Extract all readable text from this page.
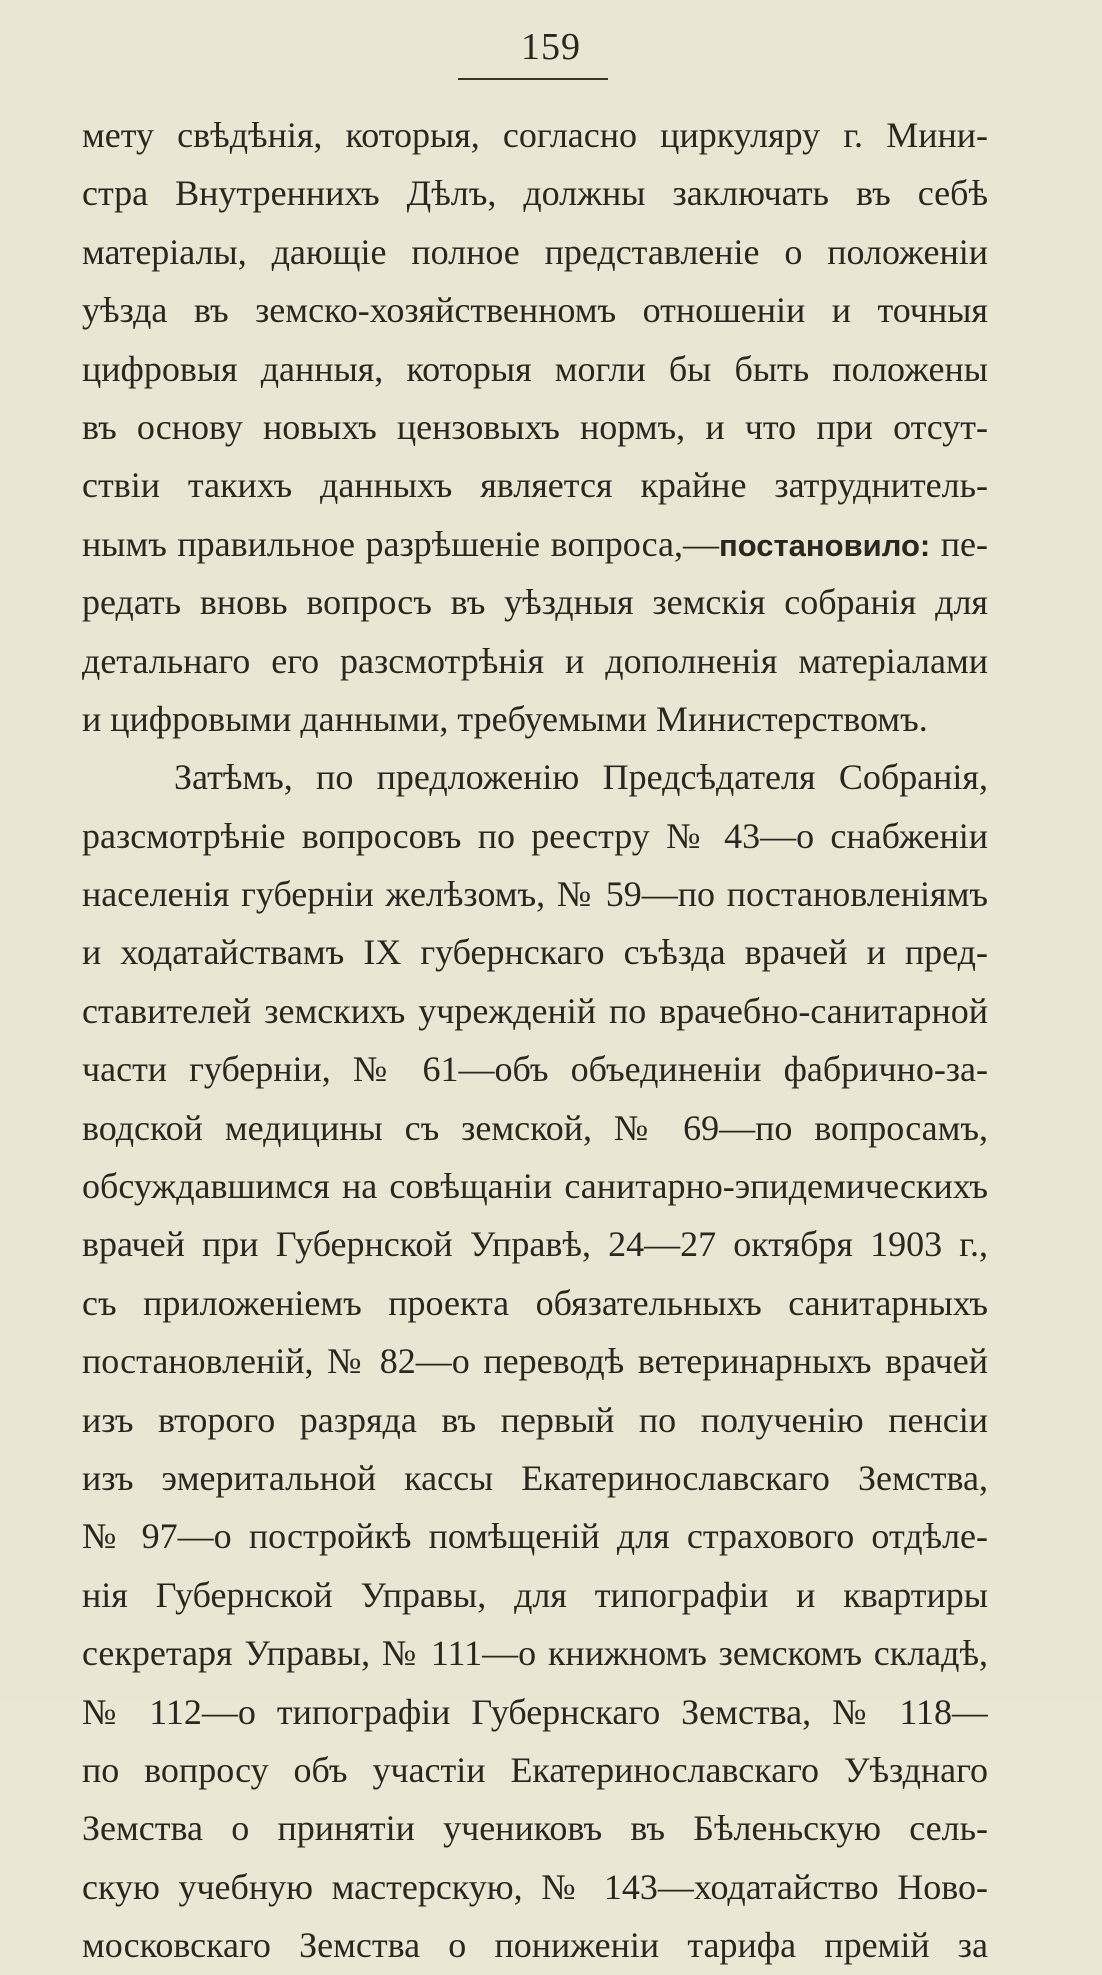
159
мету свѣдѣнія, которыя, согласно циркуляру г. Мини-
стра Внутреннихъ Дѣлъ, должны заключать въ себѣ
матеріалы, дающіе полное представленіе о положеніи
уѣзда въ земско-хозяйственномъ отношеніи и точныя
цифровыя данныя, которыя могли бы быть положены
въ основу новыхъ цензовыхъ нормъ, и что при отсут-
ствіи такихъ данныхъ является крайне затруднитель-
нымъ правильное разрѣшеніе вопроса,—постановило: пе-
редать вновь вопросъ въ уѣздныя земскія собранія для
детальнаго его разсмотрѣнія и дополненія матеріалами
и цифровыми данными, требуемыми Министерствомъ.
Затѣмъ, по предложенію Предсѣдателя Собранія,
разсмотрѣніе вопросовъ по реестру № 43—о снабженіи
населенія губерніи желѣзомъ, № 59—по постановленіямъ
и ходатайствамъ IX губернскаго съѣзда врачей и пред-
ставителей земскихъ учрежденій по врачебно-санитарной
части губерніи, № 61—объ объединеніи фабрично-за-
водской медицины съ земской, № 69—по вопросамъ,
обсуждавшимся на совѣщаніи санитарно-эпидемическихъ
врачей при Губернской Управѣ, 24—27 октября 1903 г.,
съ приложеніемъ проекта обязательныхъ санитарныхъ
постановленій, № 82—о переводѣ ветеринарныхъ врачей
изъ второго разряда въ первый по полученію пенсіи
изъ эмеритальной кассы Екатеринославскаго Земства,
№ 97—о постройкѣ помѣщеній для страхового отдѣле-
нія Губернской Управы, для типографіи и квартиры
секретаря Управы, № 111—о книжномъ земскомъ складѣ,
№ 112—о типографіи Губернскаго Земства, № 118—
по вопросу объ участіи Екатеринославскаго Уѣзднаго
Земства о принятіи учениковъ въ Бѣленьскую сель-
скую учебную мастерскую, № 143—ходатайство Ново-
московскаго Земства о пониженіи тарифа премій за
